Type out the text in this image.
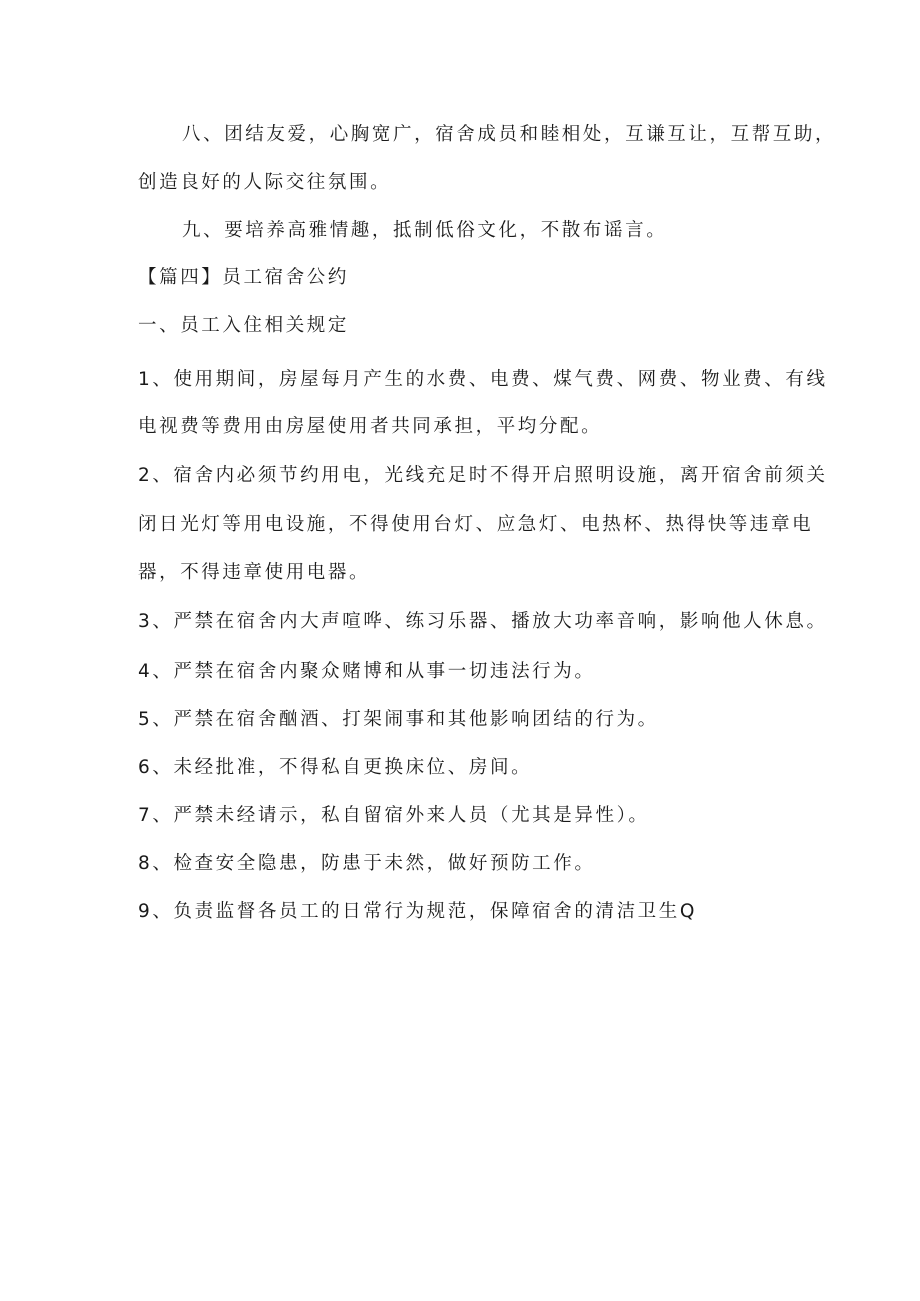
八、团结友爱，心胸宽广，宿舍成员和睦相处，互谦互让，互帮互助，
创造良好的人际交往氛围。
九、要培养高雅情趣，抵制低俗文化，不散布谣言。
【篇四】员工宿舍公约
一、员工入住相关规定
1、使用期间，房屋每月产生的水费、电费、煤气费、网费、物业费、有线
电视费等费用由房屋使用者共同承担，平均分配。
2、宿舍内必须节约用电，光线充足时不得开启照明设施，离开宿舍前须关
闭日光灯等用电设施，不得使用台灯、应急灯、电热杯、热得快等违章电
器，不得违章使用电器。
3、严禁在宿舍内大声喧哗、练习乐器、播放大功率音响，影响他人休息。
4、严禁在宿舍内聚众赌博和从事一切违法行为。
5、严禁在宿舍酗酒、打架闹事和其他影响团结的行为。
6、未经批准，不得私自更换床位、房间。
7、严禁未经请示，私自留宿外来人员（尤其是异性）。
8、检查安全隐患，防患于未然，做好预防工作。
9、负责监督各员工的日常行为规范，保障宿舍的清洁卫生Q
